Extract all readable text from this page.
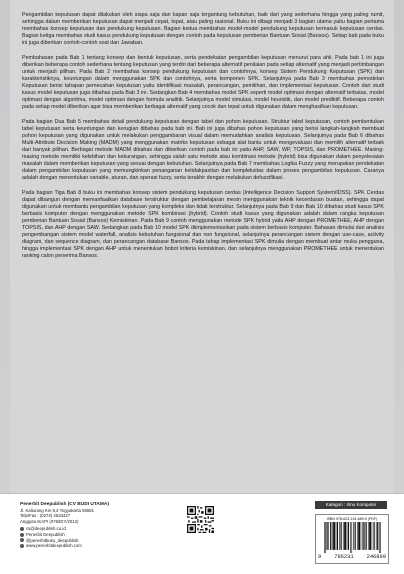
Pengambilan keputusan dapat dilakukan oleh siapa saja dan kapan saja tergantung kebutuhan, baik dari yang sederhana hingga yang paling rumit, sehingga dalam memberikan keputusan dapat menjadi cepat, tepat, atau paling rasional. Buku ini dibagi menjadi 3 bagian utama yaitu bagian pertama membahas konsep keputusan dan pendukung keputusan. Bagian kedua membahas model-model pendukung keputusan termasuk keputusan cerdas. Bagian ketiga membahas studi kasus pendukung keputusan dengan contoh pada keputusan pemberian Bantuan Sosial (Bansos). Setiap bab pada buku ini juga diberikan contoh-contoh soal dan Jawaban.

Pembahasan pada Bab 1 tentang konsep dan bentuk keputusan, serta pendekatan pengambilan keputusan menurut para ahli. Pada bab 1 ini juga diberikan beberapa contoh sederhana tentang keputusan yang terdiri dari beberapa alternatif penilaian pada setiap alternatif yang menjadi pertimbangan untuk menjadi pilihan. Pada Bab 2 membahas konsep pendukung keputusan dan contohnya, konsep Sistem Pendukung Keputusan (SPK) dan karakteristiknya, keuntungan dalam menggunakan SPK dan contohnya, serta komponen SPK. Selanjutnya pada Bab 3 membahas pemodelan Keputusan berisi tahapan pemecahan keputusan yaitu identifikasi masalah, perancangan, pemilihan, dan implementasi keputusan. Contoh dari studi kasus model keputusan juga dibahas pada Bab 3 ini. Sedangkan Bab 4 membahas model SPK seperti model optimasi dengan alternatif terbatas, model optimasi dengan algoritma, model optimasi dengan formula analitik. Selanjutnya model simulasi, model heuristik, dan model prediktif. Beberapa contoh pada setiap model diberikan agar bisa memberikan berbagai alternatif yang cocok dan tepat untuk digunakan dalam menghasilkan keputusan.

Pada bagian Dua Bab 5 membahas detail pendukung keputusan dengan tabel dan pohon keputusan. Struktur tabel keputusan, contoh pembentukan tabel keputusan serta keuntungan dan kerugian dibahas pada bab ini. Bab ini juga dibahas pohon keputusan yang berisi langkah-langkah membuat pohon keputusan yang digunakan untuk melakukan penggambaran visual dalam memudahkan analisis keputusan. Selanjutnya pada Bab 6 dibahas Multi-Attribute Decision Making (MADM) yang menggunakan matriks keputusan sebagai alat bantu untuk mengevaluasi dan memilih alternatif terbaik dari banyak pilihan. Berbagai metode MADM dibahas dan diberikan contoh pada bab ini yaitu AHP, SAW, WP, TOPSIS, dan PROMETHEE. Masing-masing metode memiliki kelebihan dan kekurangan, sehingga salah satu metode atau kombinasi metode (hybrid) bisa digunakan dalam penyelesaian masalah dalam memberikan keputusan yang sesuai dengan kebutuhan. Selanjutnya pada Bab 7 membahas Logika Fuzzy yang merupakan pendekatan dalam pengambilan keputusan yang memungkinkan penanganan ketidakpastian dan kompleksitas dalam proses pengambilan keputusan. Caranya adalah dengan menentukan variable, aturan, dan operasi fuzzy, serta terakhir dengan melakukan defuzzifikasi.

Pada bagian Tiga Bab 8 buku ini membahas konsep sistem pendukung keputusan cerdas (Intelligence Decision Support System/IDSS). SPK Cerdas dapat dibangun dengan memanfaatkan database terstruktur dengan pembelajaran mesin menggunakan teknik kecerdasan buatan, sehingga dapat digunakan untuk membantu pengambilan keputusan yang kompleks dan tidak terstruktur. Selanjutnya pada Bab 9 dan Bab 10 dibahas studi kasus SPK berbasis komputer dengan menggunakan metode SPK kombinasi (hybrid). Contoh studi kasus yang digunakan adalah dalam rangka keputusan pemberian Bantuan Sosial (Bansos) Kemiskinan. Pada Bab 9 contoh menggunakan metode SPK hybrid yaitu AHP dengan PROMETHEE, AHP dengan TOPSIS, dan AHP dengan SAW. Sedangkan pada Bab 10 model SPK diimplementasikan pada sistem berbasis komputer. Bahasan dimulai dari analisis pengembangan sistem model waterfall, analisis kebutuhan fungsional dan non fungsional, selanjutnya perancangan sistem dengan use-case, activity diagram, dan sequence diagram, dan perancangan database Bansos. Pada tahap implementasi SPK dimulia dengan membuat antar muka pengguna, hingga implementasi SPK dengan AHP untuk menentukan bobot kriteria kemiskinan, dan selanjutnya menggunakan PROMETHEE untuk menentukan ranking calon penerima Bansos.

Penerbit Deepublish (CV BUDI UTAMA)
Jl. Kaliurang Km 9,3 Yogyakarta 55581
Telp/Fax : (0274) 4533427
Anggota IKAPI (076/DIY/2012)
cs@deepublish.co.id
Penerbit Deepublish
@penerbitbuku_deepublish
www.penerbitdeepublish.com
Kategori : Ilmu Komputer
ISBN 978-623-134-689-9 (PDF)
9 786231 246899
